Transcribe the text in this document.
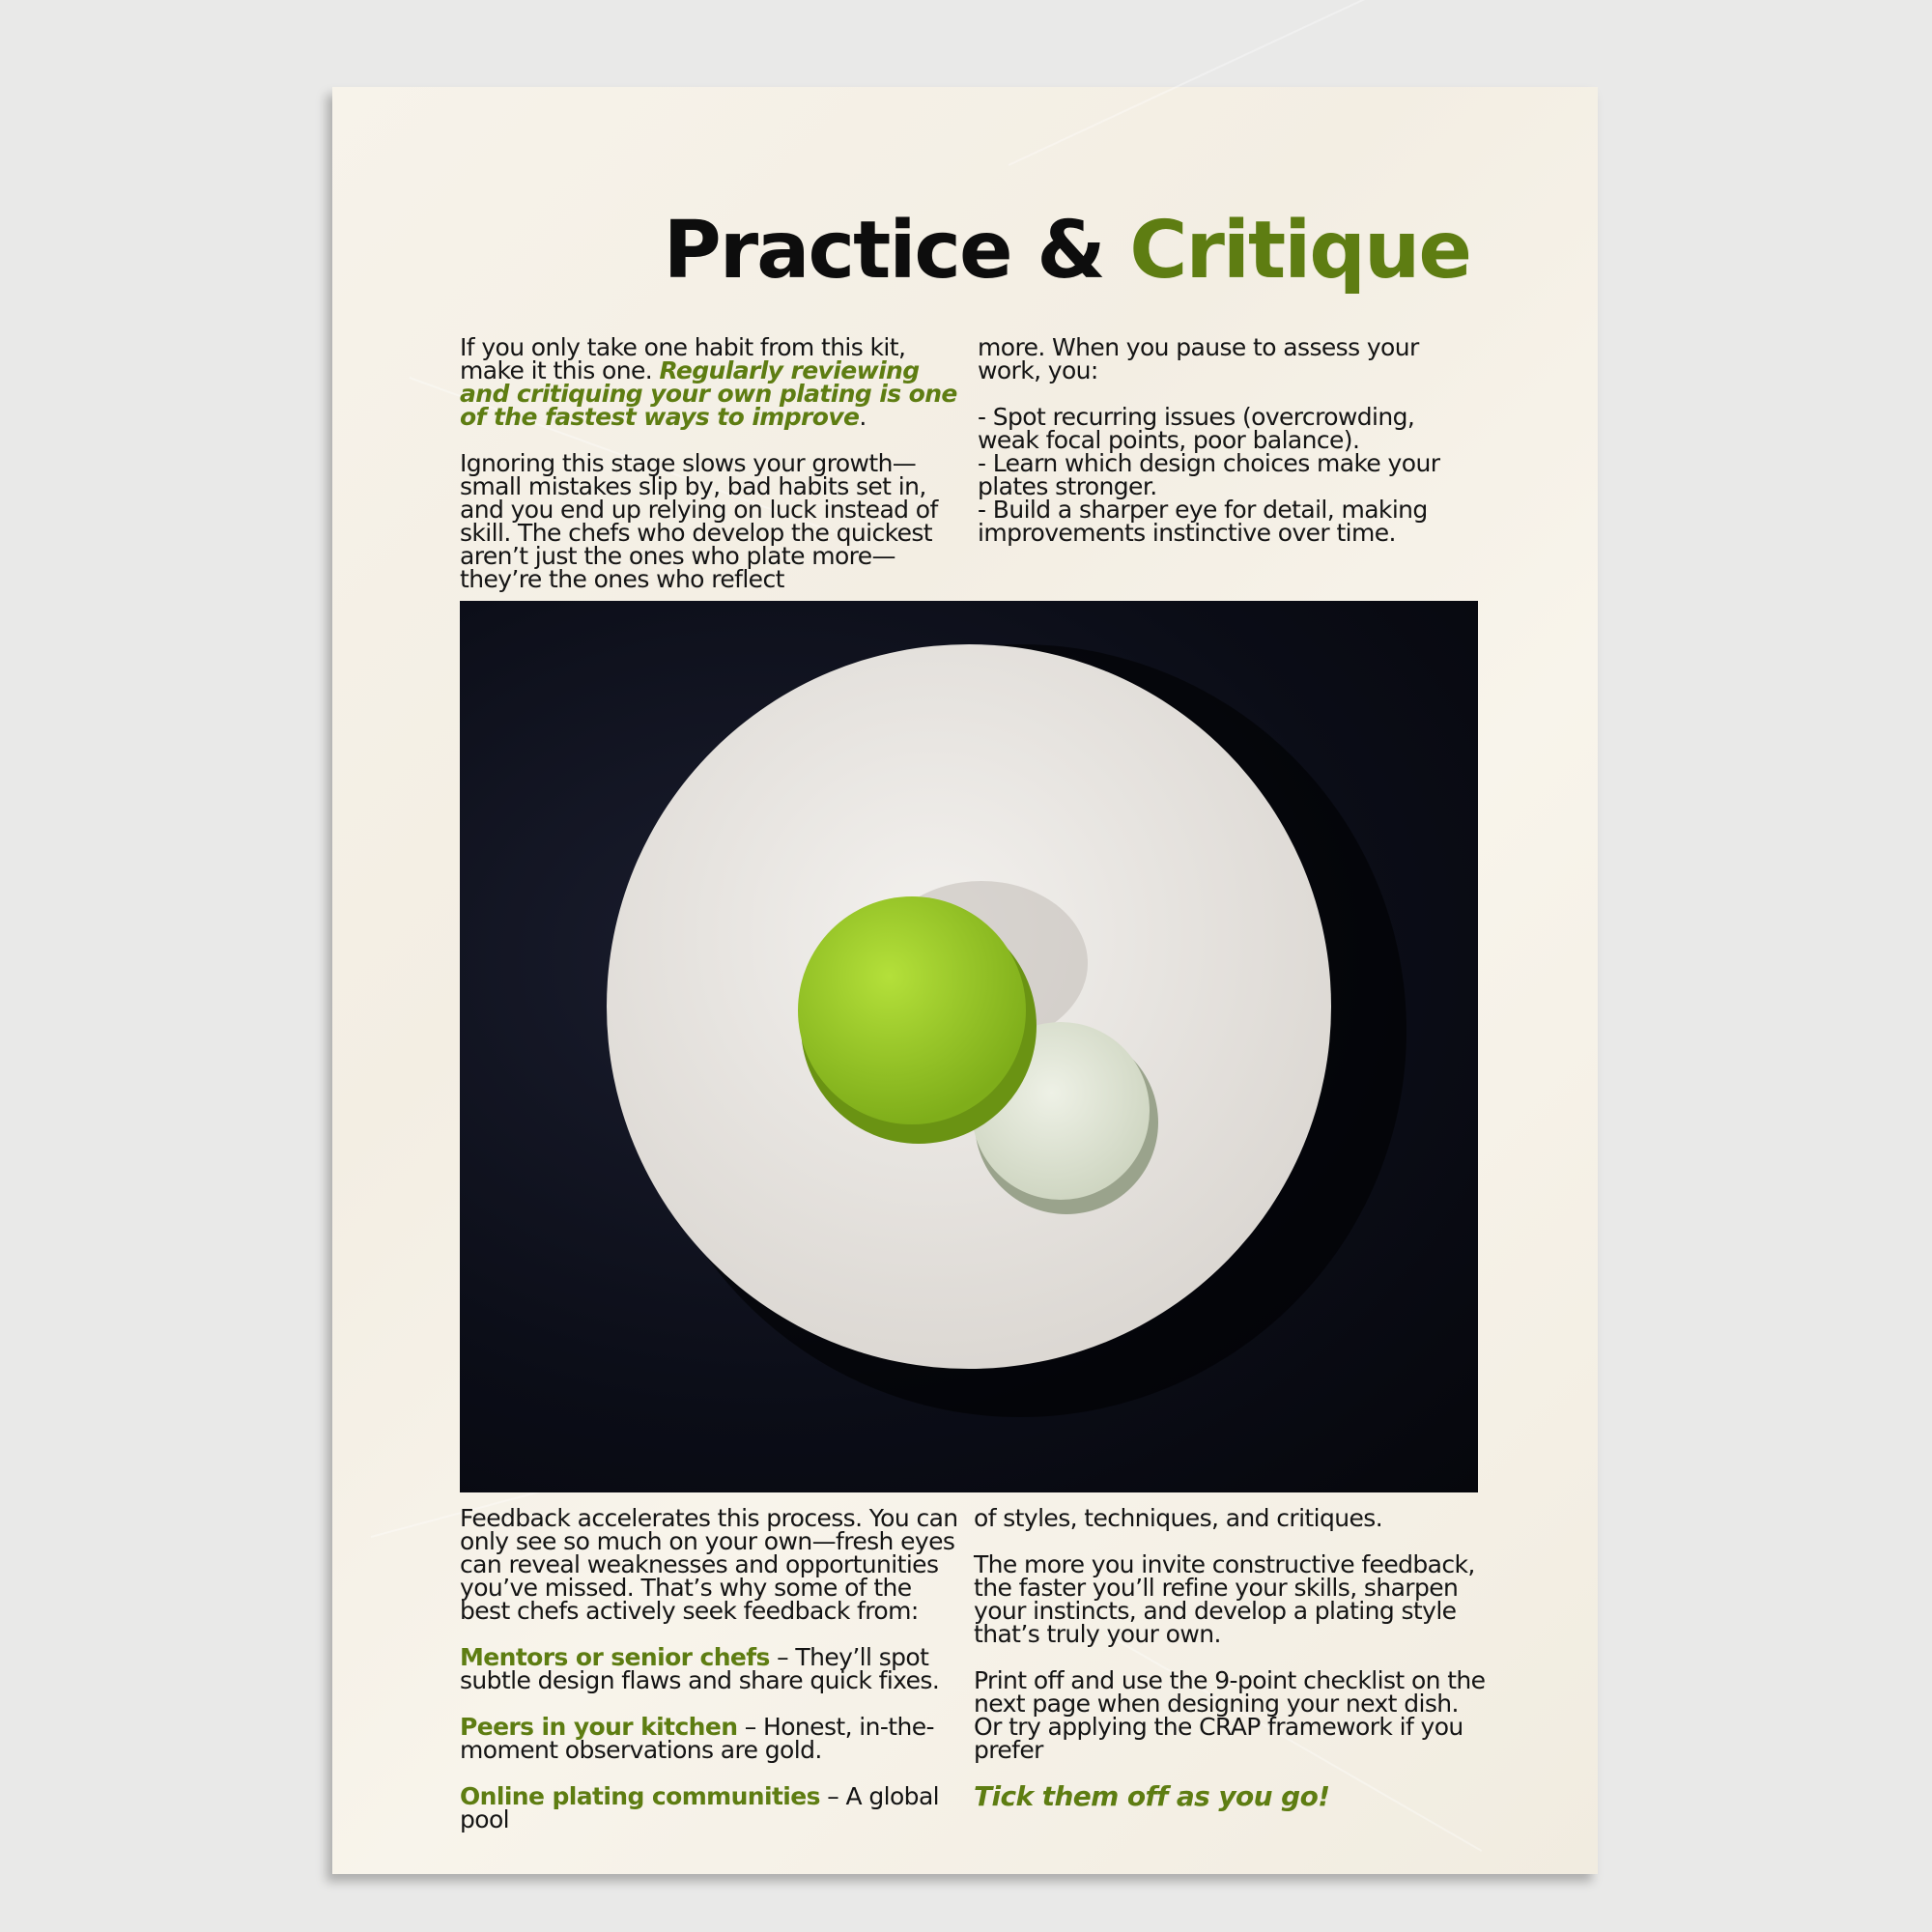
Practice & Critique

If you only take one habit from this kit, make it this one. Regularly reviewing and critiquing your own plating is one of the fastest ways to improve.

Ignoring this stage slows your growth—small mistakes slip by, bad habits set in, and you end up relying on luck instead of skill. The chefs who develop the quickest aren’t just the ones who plate more—they’re the ones who reflect

more. When you pause to assess your work, you:

- Spot recurring issues (overcrowding, weak focal points, poor balance).
- Learn which design choices make your plates stronger.
- Build a sharper eye for detail, making improvements instinctive over time.

Feedback accelerates this process. You can only see so much on your own—fresh eyes can reveal weaknesses and opportunities you’ve missed. That’s why some of the best chefs actively seek feedback from:

Mentors or senior chefs – They’ll spot subtle design flaws and share quick fixes.

Peers in your kitchen – Honest, in-the-moment observations are gold.

Online plating communities – A global pool

of styles, techniques, and critiques.

The more you invite constructive feedback, the faster you’ll refine your skills, sharpen your instincts, and develop a plating style that’s truly your own.

Print off and use the 9-point checklist on the next page when designing your next dish. Or try applying the CRAP framework if you prefer

Tick them off as you go!
